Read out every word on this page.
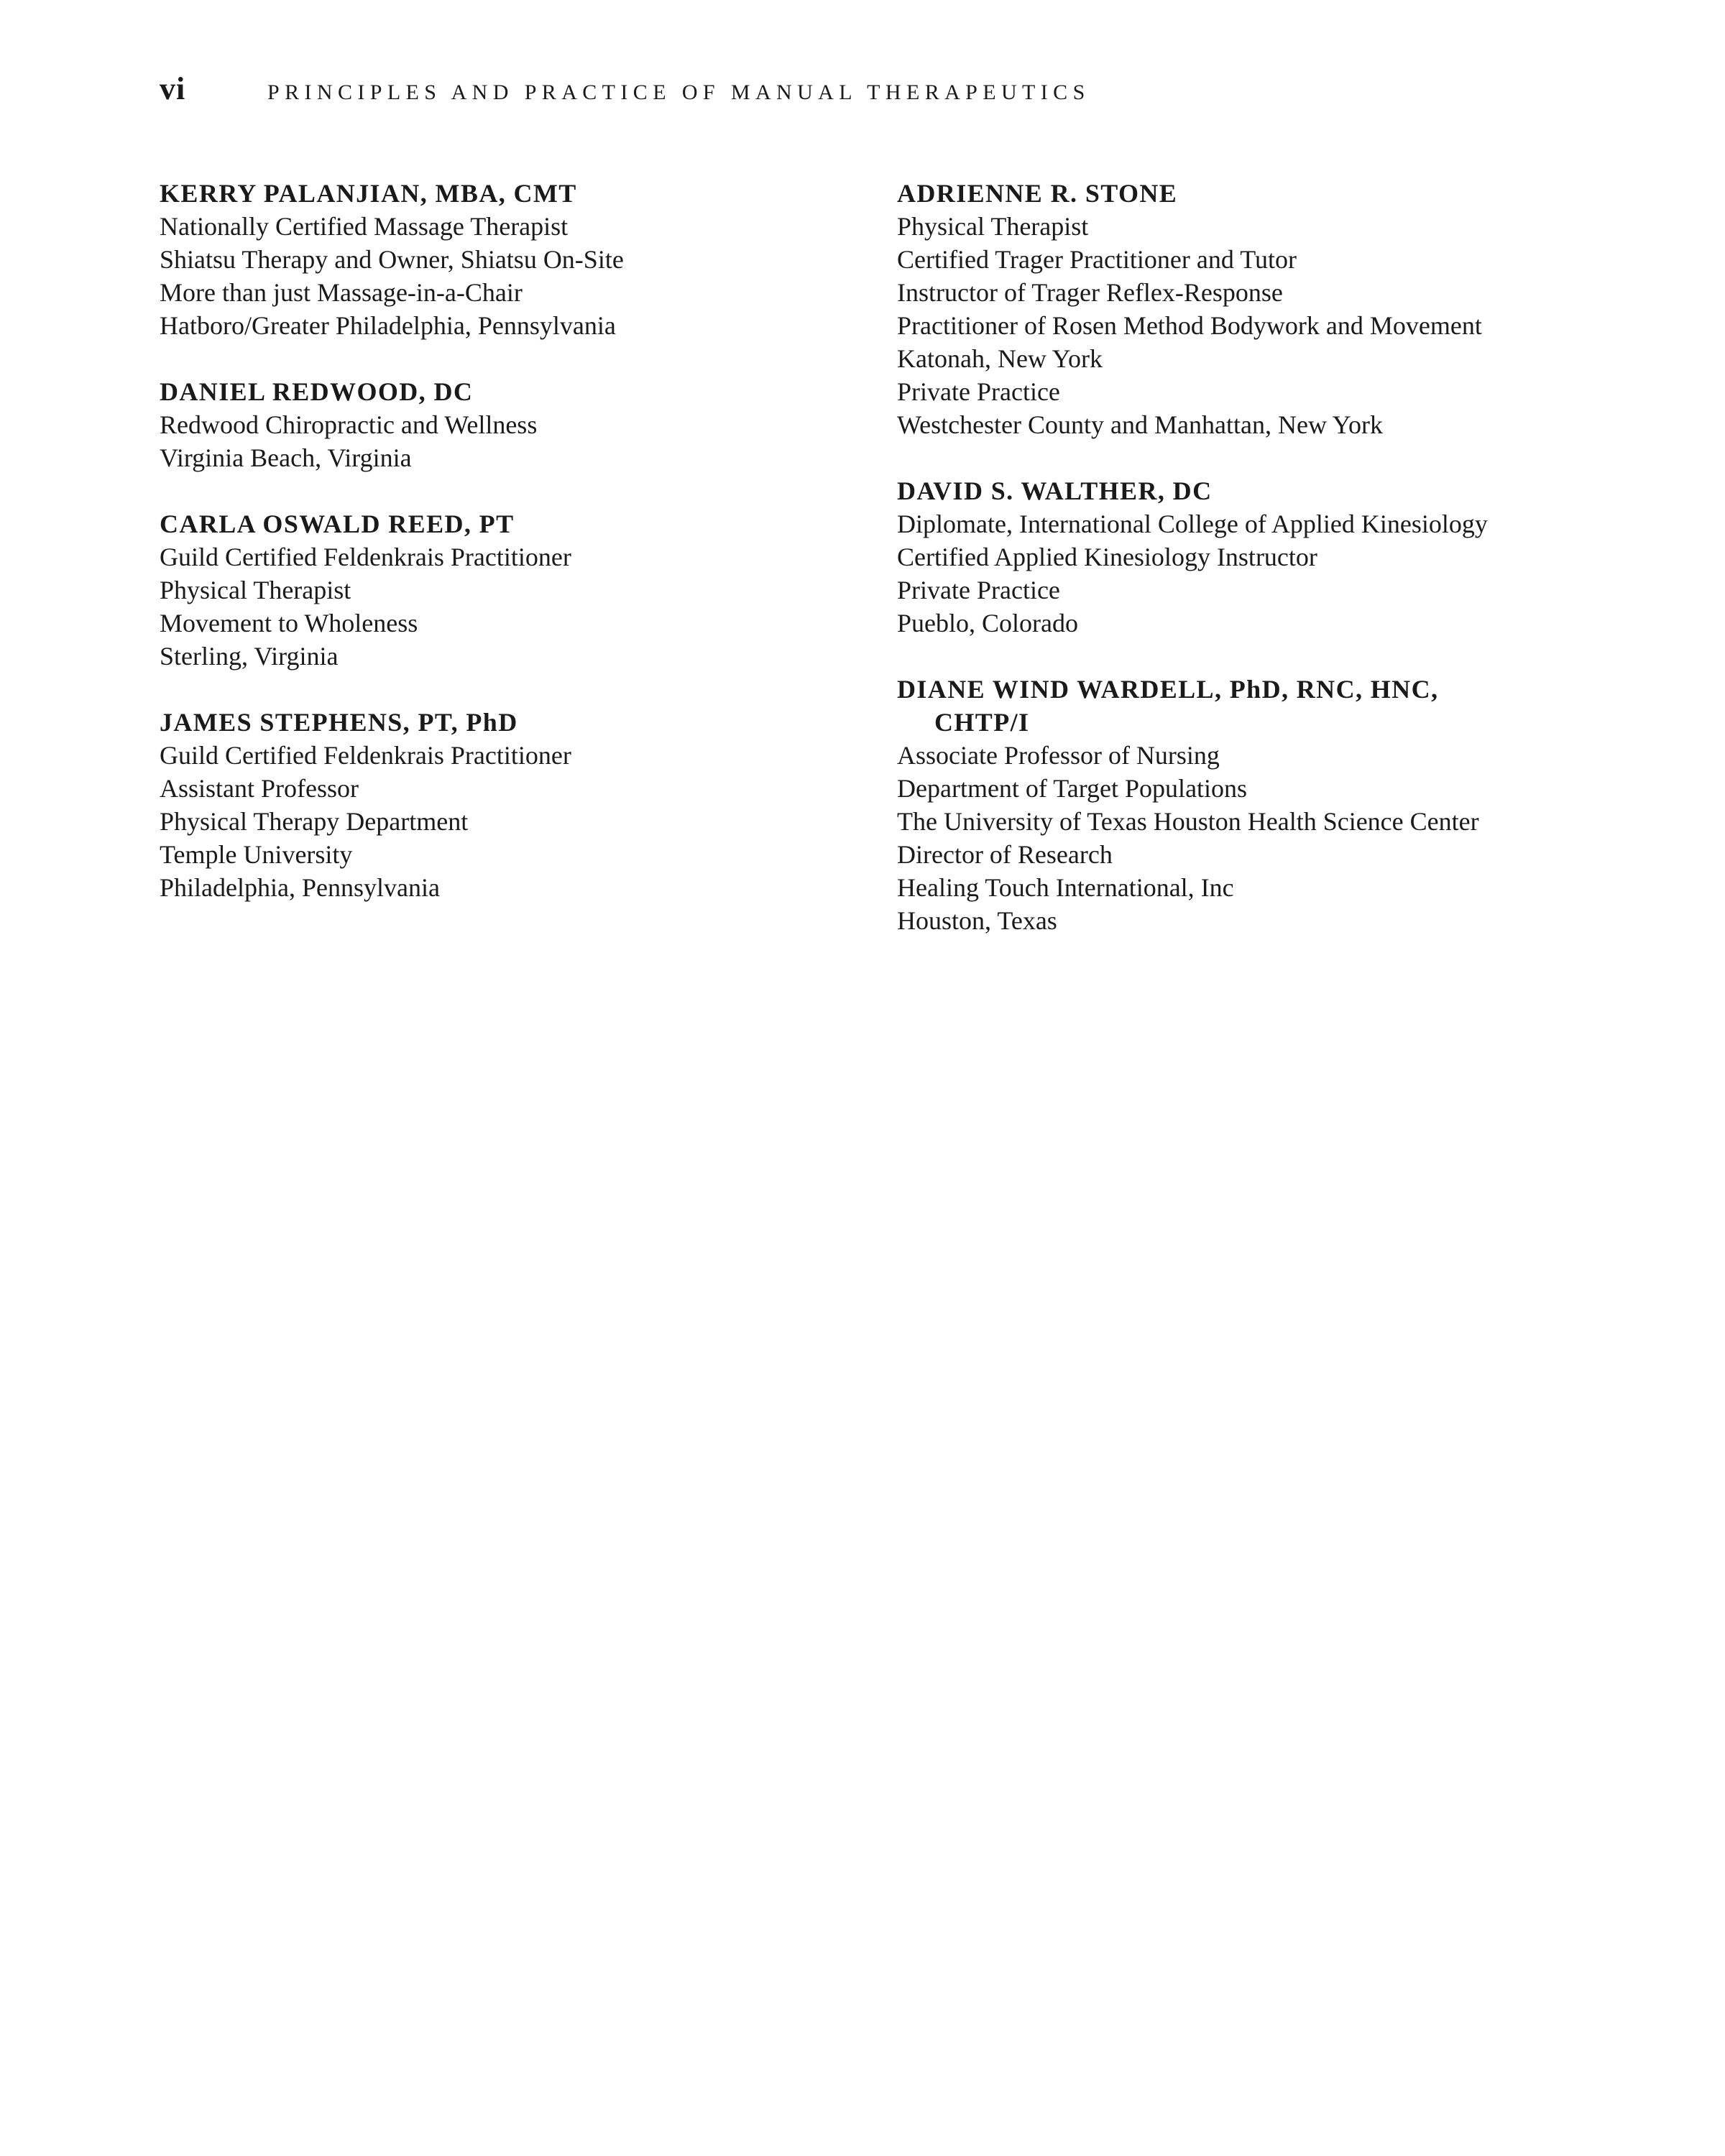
vi	PRINCIPLES AND PRACTICE OF MANUAL THERAPEUTICS
KERRY PALANJIAN, MBA, CMT
Nationally Certified Massage Therapist
Shiatsu Therapy and Owner, Shiatsu On-Site
More than just Massage-in-a-Chair
Hatboro/Greater Philadelphia, Pennsylvania
DANIEL REDWOOD, DC
Redwood Chiropractic and Wellness
Virginia Beach, Virginia
CARLA OSWALD REED, PT
Guild Certified Feldenkrais Practitioner
Physical Therapist
Movement to Wholeness
Sterling, Virginia
JAMES STEPHENS, PT, PhD
Guild Certified Feldenkrais Practitioner
Assistant Professor
Physical Therapy Department
Temple University
Philadelphia, Pennsylvania
ADRIENNE R. STONE
Physical Therapist
Certified Trager Practitioner and Tutor
Instructor of Trager Reflex-Response
Practitioner of Rosen Method Bodywork and Movement
Katonah, New York
Private Practice
Westchester County and Manhattan, New York
DAVID S. WALTHER, DC
Diplomate, International College of Applied Kinesiology
Certified Applied Kinesiology Instructor
Private Practice
Pueblo, Colorado
DIANE WIND WARDELL, PhD, RNC, HNC, CHTP/I
Associate Professor of Nursing
Department of Target Populations
The University of Texas Houston Health Science Center
Director of Research
Healing Touch International, Inc
Houston, Texas
